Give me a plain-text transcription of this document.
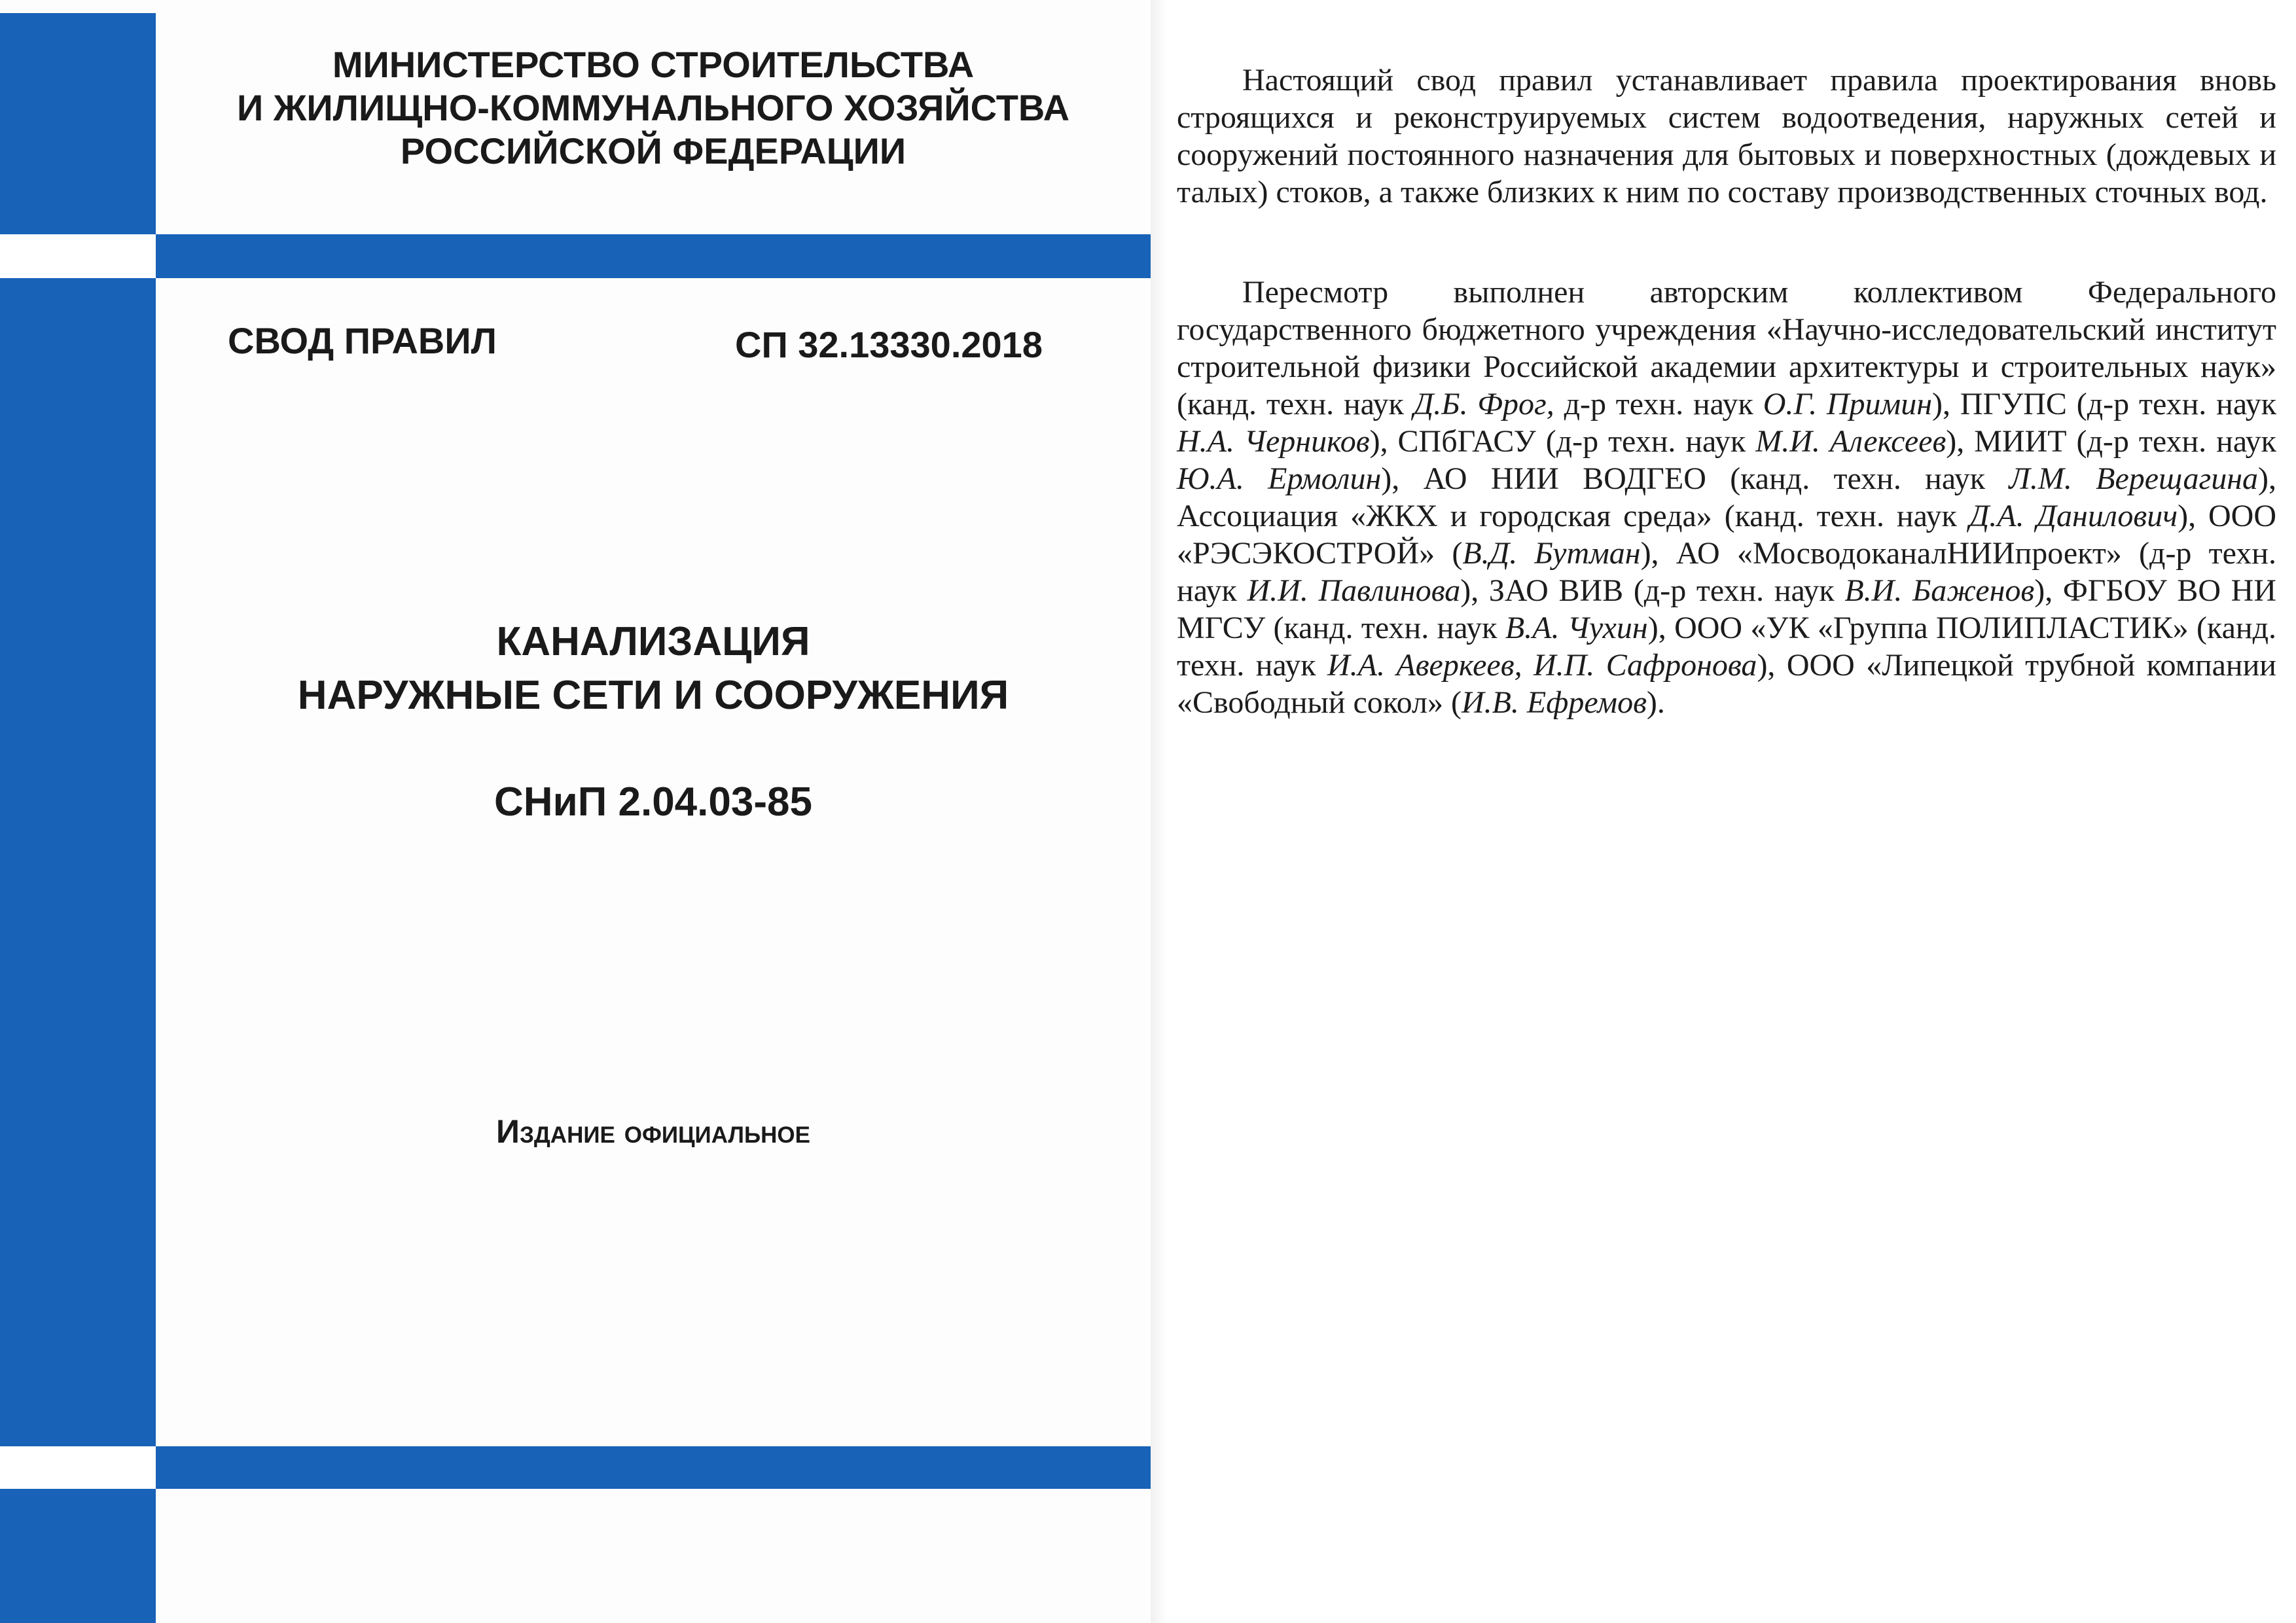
МИНИСТЕРСТВО СТРОИТЕЛЬСТВА
И ЖИЛИЩНО-КОММУНАЛЬНОГО ХОЗЯЙСТВА
РОССИЙСКОЙ ФЕДЕРАЦИИ
СВОД ПРАВИЛ	СП 32.13330.2018
КАНАЛИЗАЦИЯ
НАРУЖНЫЕ СЕТИ И СООРУЖЕНИЯ
СНиП 2.04.03-85
Издание официальное

Настоящий свод правил устанавливает правила проектирования вновь строящихся и реконструируемых систем водоотведения, наружных сетей и сооружений постоянного назначения для бытовых и поверхностных (дождевых и талых) стоков, а также близких к ним по составу производственных сточных вод.

Пересмотр выполнен авторским коллективом Федерального государственного бюджетного учреждения «Научно-исследовательский институт строительной физики Российской академии архитектуры и строительных наук» (канд. техн. наук Д.Б. Фрог, д-р техн. наук О.Г. Примин), ПГУПС (д-р техн. наук Н.А. Черников), СПбГАСУ (д-р техн. наук М.И. Алексеев), МИИТ (д-р техн. наук Ю.А. Ермолин), АО НИИ ВОДГЕО (канд. техн. наук Л.М. Верещагина), Ассоциация «ЖКХ и городская среда» (канд. техн. наук Д.А. Данилович), ООО «РЭСЭКОСТРОЙ» (В.Д. Бутман), АО «МосводоканалНИИпроект» (д-р техн. наук И.И. Павлинова), ЗАО ВИВ (д-р техн. наук В.И. Баженов), ФГБОУ ВО НИ МГСУ (канд. техн. наук В.А. Чухин), ООО «УК «Группа ПОЛИПЛАСТИК» (канд. техн. наук И.А. Аверкеев, И.П. Сафронова), ООО «Липецкой трубной компании «Свободный сокол» (И.В. Ефремов).
